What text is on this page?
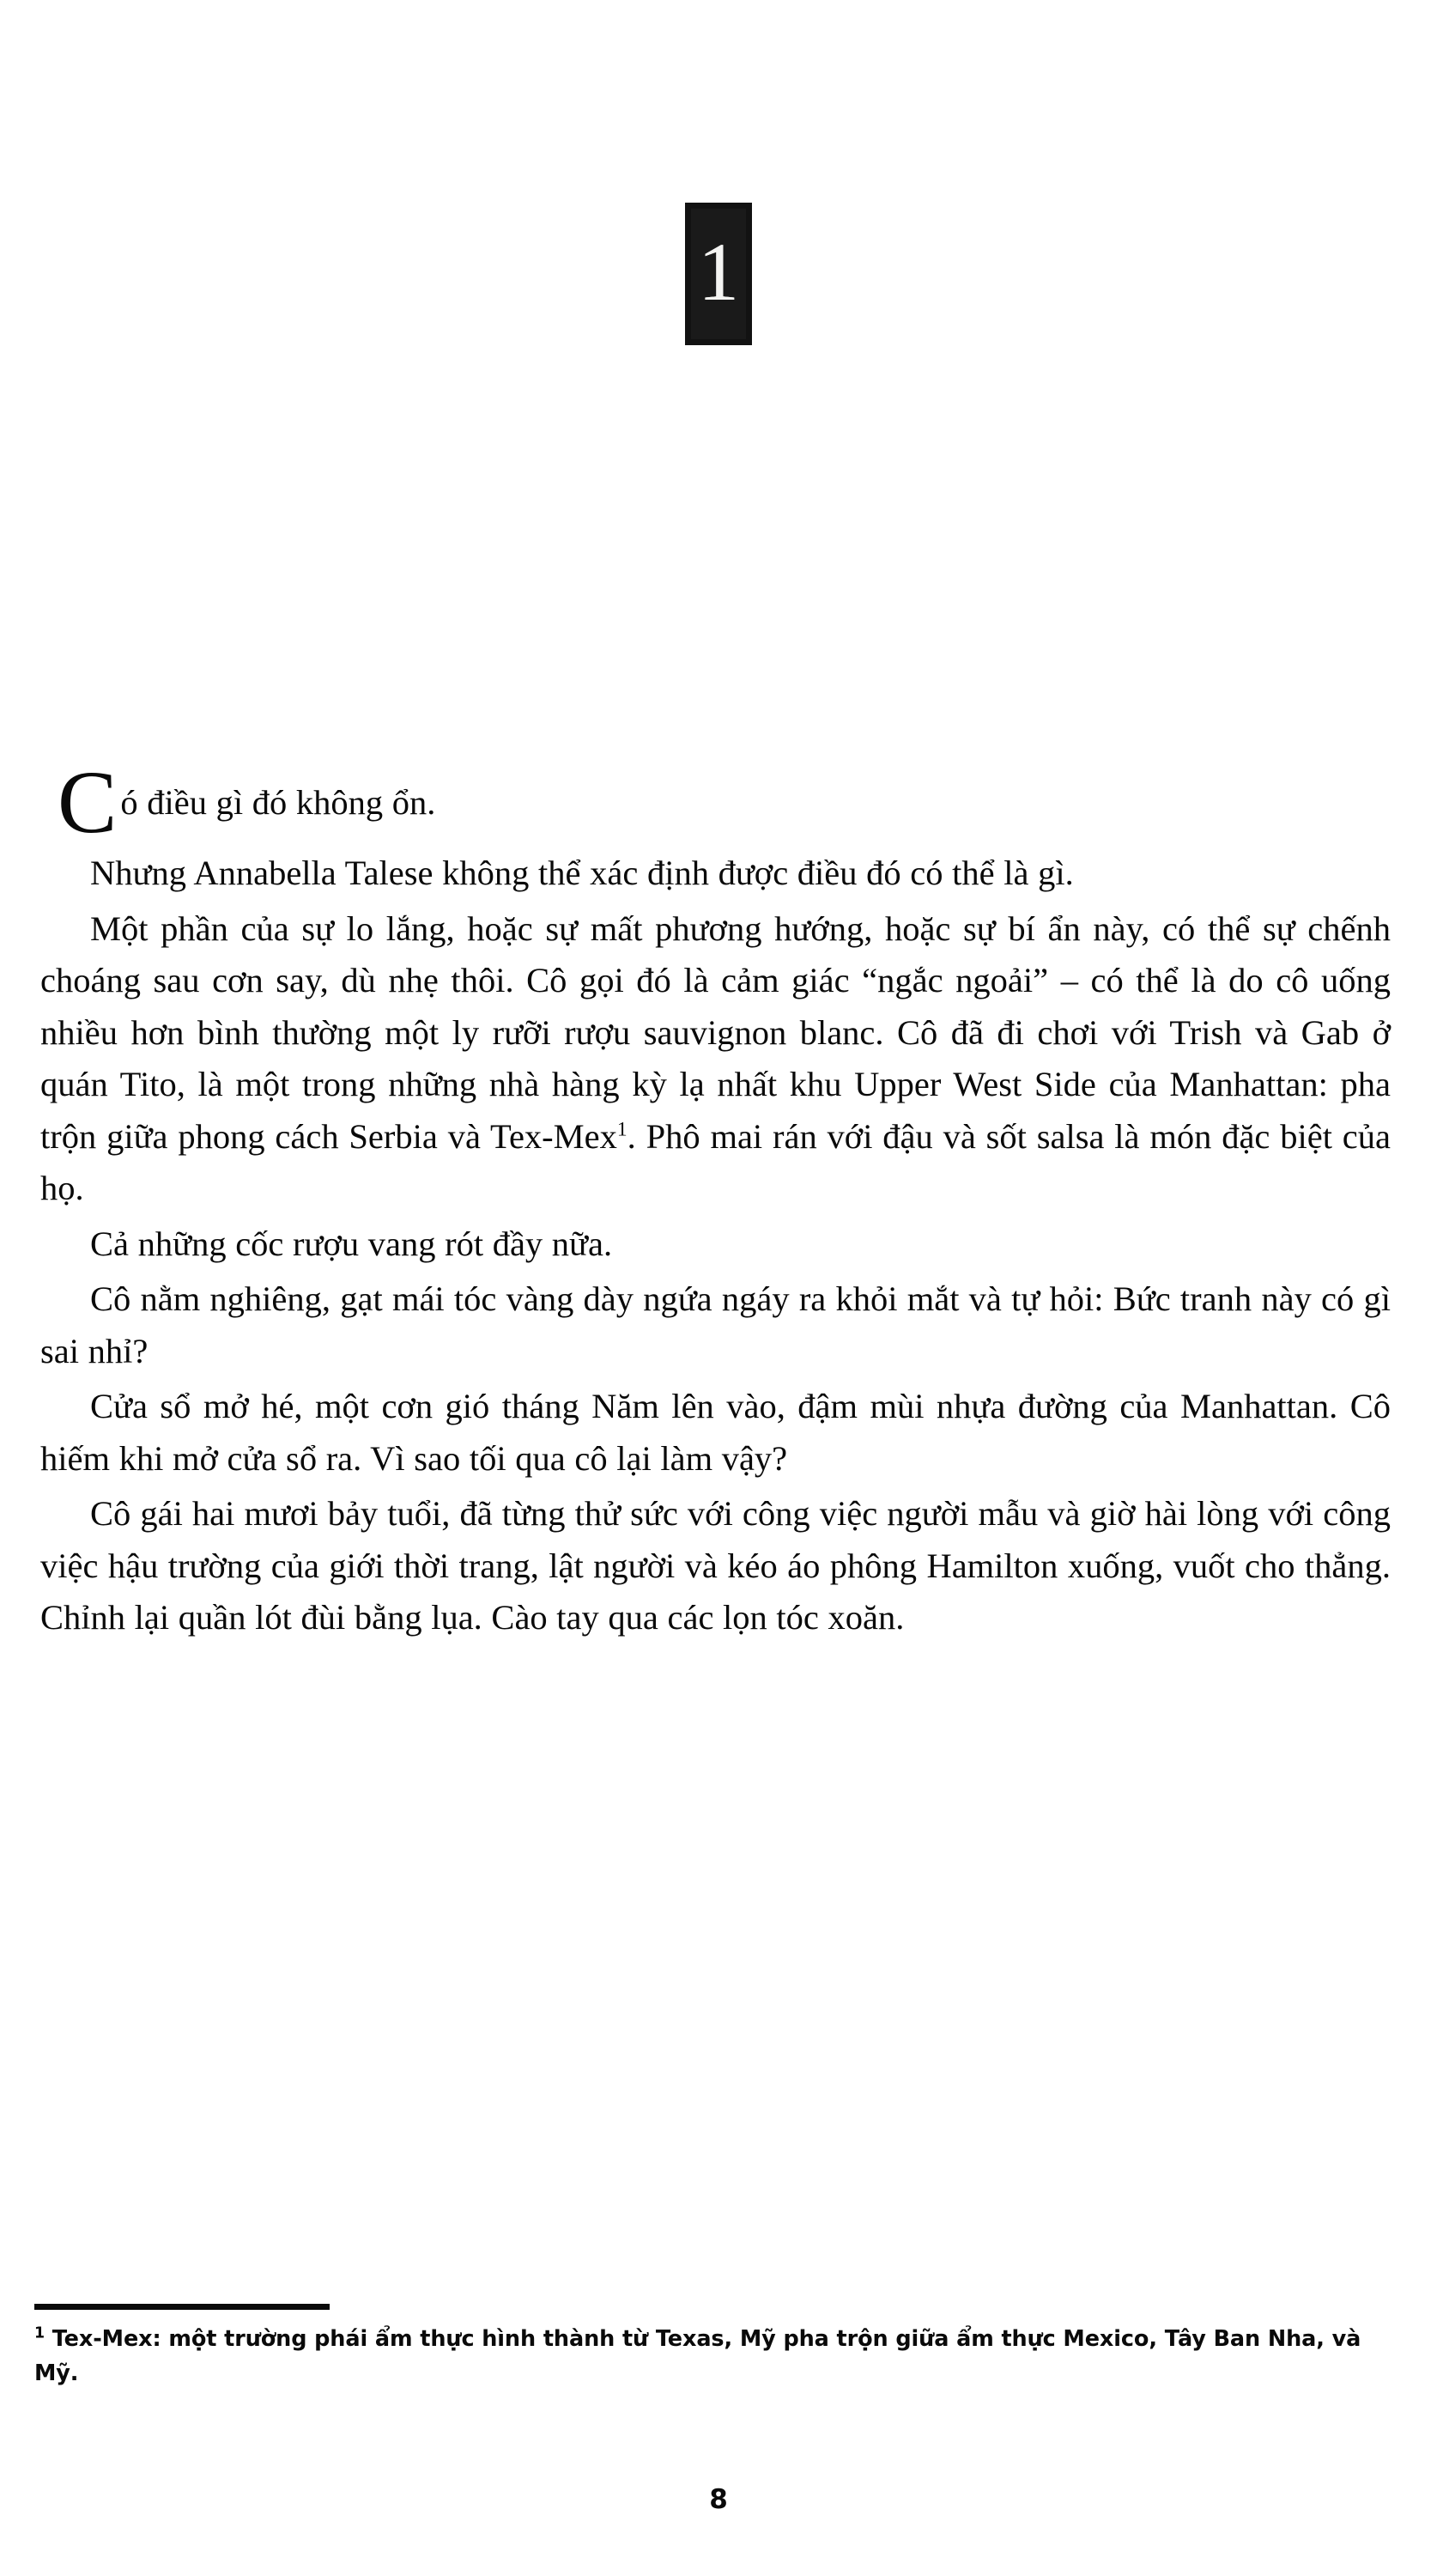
1

Có điều gì đó không ổn.

Nhưng Annabella Talese không thể xác định được điều đó có thể là gì.

Một phần của sự lo lắng, hoặc sự mất phương hướng, hoặc sự bí ẩn này, có thể sự chếnh choáng sau cơn say, dù nhẹ thôi. Cô gọi đó là cảm giác “ngắc ngoải” – có thể là do cô uống nhiều hơn bình thường một ly rưỡi rượu sauvignon blanc. Cô đã đi chơi với Trish và Gab ở quán Tito, là một trong những nhà hàng kỳ lạ nhất khu Upper West Side của Manhattan: pha trộn giữa phong cách Serbia và Tex-Mex$^1$. Phô mai rán với đậu và sốt salsa là món đặc biệt của họ.

Cả những cốc rượu vang rót đầy nữa.

Cô nằm nghiêng, gạt mái tóc vàng dày ngứa ngáy ra khỏi mắt và tự hỏi: Bức tranh này có gì sai nhỉ?

Cửa sổ mở hé, một cơn gió tháng Năm lên vào, đậm mùi nhựa đường của Manhattan. Cô hiếm khi mở cửa sổ ra. Vì sao tối qua cô lại làm vậy?

Cô gái hai mươi bảy tuổi, đã từng thử sức với công việc người mẫu và giờ hài lòng với công việc hậu trường của giới thời trang, lật người và kéo áo phông Hamilton xuống, vuốt cho thẳng. Chỉnh lại quần lót đùi bằng lụa. Cào tay qua các lọn tóc xoăn.

$^1$ Tex-Mex: một trường phái ẩm thực hình thành từ Texas, Mỹ pha trộn giữa ẩm thực Mexico, Tây Ban Nha, và Mỹ.

8
